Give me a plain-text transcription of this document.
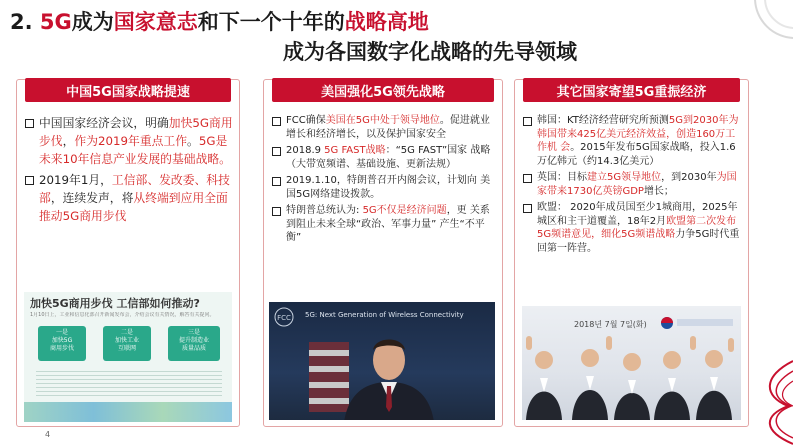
2. 5G成为国家意志和下一个十年的战略高地
成为各国数字化战略的先导领域
中国5G国家战略提速
中国国家经济会议，明确加快5G商用步伐，作为2019年重点工作。5G是未来10年信息产业发展的基础战略。
2019年1月，工信部、发改委、科技部，连续发声，将从终端到应用全面推动5G商用步伐
加快5G商用步伐 工信部如何推动?
1月10日上，工业和信息化部召开新闻发布会，介绍会议有关情况，解答有关提问。
一是
加快5G
商用步伐
二是
加快工业
互联网
三是
提升制造业
质量品质
美国强化5G领先战略
FCC确保美国在5G中处于领导地位。促进就业增长和经济增长，以及保护国家安全
2018.9 5G FAST战略：“5G FAST”国家 战略（大带宽频谱、基础设施、更新法规）
2019.1.10，特朗普召开内阁会议，计划向 美国5G网络建设拨款。
特朗普总统认为: 5G不仅是经济问题，更 关系到阻止未来全球“政治、军事力量” 产生“不平衡”
FCC 5G: Next Generation of Wireless Connectivity
其它国家寄望5G重振经济
韩国：KT经济经营研究所预测5G到2030年为韩国带来425亿美元经济效益，创造160万工作机 会。2015年发布5G国家战略，投入1.6万亿韩元（约14.3亿美元）
英国：目标建立5G领导地位，到2030年为国家带来1730亿英镑GDP增长；
欧盟： 2020年成员国至少1城商用，2025年城区和主干道覆盖，18年2月欧盟第二次发布5G频谱意见，细化5G频谱战略力争5G时代重回第一阵营。
2018년 7월 7일(화)
4
